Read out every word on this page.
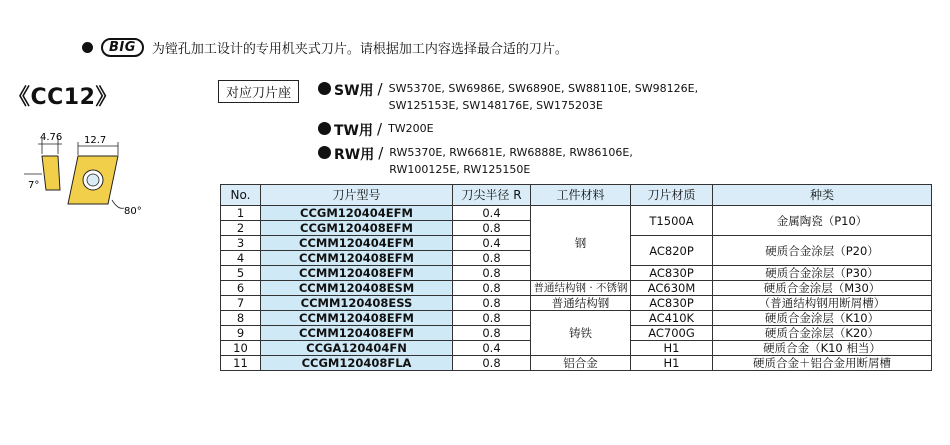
BIG	为镗孔加工设计的专用机夹式刀片。请根据加工内容选择最合适的刀片。
《CC12》
4.76
7°
12.7
80°
对应刀片座	SW用 / SW5370E, SW6986E, SW6890E, SW88110E, SW98126E,
SW125153E, SW148176E, SW175203E
TW用 / TW200E
RW用 / RW5370E, RW6681E, RW6888E, RW86106E,
RW100125E, RW125150E
No.	刀片型号	刀尖半径 R	工件材料	刀片材质	种类
1	CCGM120404EFM	0.4	钢	T1500A	金属陶瓷（P10）
2	CCGM120408EFM	0.8			
3	CCMM120404EFM	0.4		AC820P	硬质合金涂层（P20）
4	CCMM120408EFM	0.8			
5	CCMM120408EFM	0.8		AC830P	硬质合金涂层（P30）
6	CCMM120408ESM	0.8	普通结构钢 · 不锈钢	AC630M	硬质合金涂层（M30）
7	CCMM120408ESS	0.8	普通结构钢	AC830P	（普通结构钢用断屑槽）
8	CCMM120408EFM	0.8	铸铁	AC410K	硬质合金涂层（K10）
9	CCMM120408EFM	0.8		AC700G	硬质合金涂层（K20）
10	CCGA120404FN	0.4		H1	硬质合金（K10 相当）
11	CCGM120408FLA	0.8	铝合金	H1	硬质合金＋铝合金用断屑槽
